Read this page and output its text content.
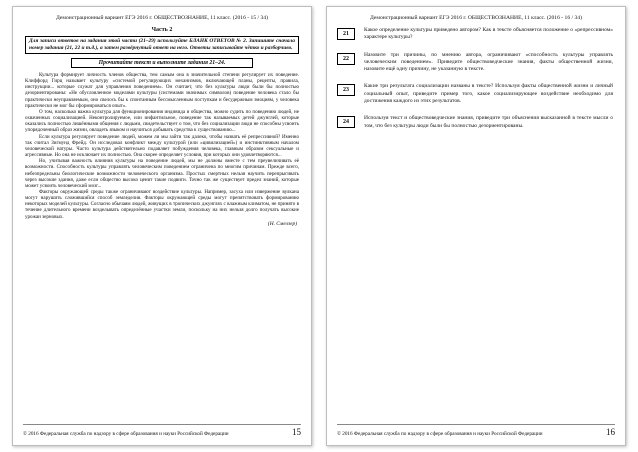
Демонстрационный вариант ЕГЭ 2016 г. ОБЩЕСТВОЗНАНИЕ, 11 класс. (2016 - 15 / 34)
Часть 2
Для записи ответов на задания этой части (21–29) используйте БЛАНК ОТВЕТОВ № 2. Запишите сначала номер задания (21, 22 и т.д.), а затем развёрнутый ответ на него. Ответы записывайте чётко и разборчиво.
Прочитайте текст и выполните задания 21–24.

Культура формирует личность членов общества, тем самым она в значительной степени регулирует их поведение. Клиффорд Гирц называет культуру «системой регулирующих механизмов, включающей планы, рецепты, правила, инструкции... которые служат для управления поведением». Он считает, что без культуры люди были бы полностью дезориентированы: «Не обусловленное моделями культуры (системами значимых символов) поведение человека стало бы практически неуправляемым, оно свелось бы к спонтанным бессмысленным поступкам и бесудержным эмоциям, у человека практически не мог бы сформироваться опыт».

О том, насколько важна культура для функционирования индивида и общества, можно судить по поведению людей, не охваченных социализацией. Неконтролируемое, или инфантильное, поведение так называемых детей джунглей, которые оказались полностью лишёнными общения с людьми, свидетельствует о том, что без социализации люди не способны усвоить упорядоченный образ жизни, овладеть языком и научиться добывать средства к существованию...

Если культура регулирует поведение людей, можем ли мы зайти так далеко, чтобы назвать её репрессивной? Именно так считал Зигмунд Фрейд. Он исследовал конфликт между культурой (или «цивилизацией») и инстинктивным началом человеческой натуры. Часто культура действительно подавляет побуждения человека, главным образом сексуальные и агрессивные. Но она не исключает их полностью. Она скорее определяет условия, при которых они удовлетворяются...

Но, учитывая важность влияния культуры на поведение людей, мы не должны вместе с тем преувеличивать её возможности. Способность культуры управлять человеческим поведением ограничена по многим причинам. Прежде всего, небезпредельны биологические возможности человеческого организма. Простых смертных нельзя научить перепрыгивать через высокие здания, даже если общество высоко ценит такие подвиги. Точно так же существует предел знаний, которые может усвоить человеческий мозг...

Факторы окружающей среды также ограничивают воздействие культуры. Например, засуха или извержение вулкана могут нарушить сложившийся способ земледелия. Факторы окружающей среды могут препятствовать формированию некоторых моделей культуры. Согласно обычаям людей, живущих в тропических джунглях с влажным климатом, не принято в течение длительного времени возделывать определённые участки земли, поскольку на них нельзя долго получать высокие урожаи зерновых.

(Н. Смелзер)
© 2016 Федеральная служба по надзору в сфере образования и науки Российской Федерации	15
Демонстрационный вариант ЕГЭ 2016 г. ОБЩЕСТВОЗНАНИЕ, 11 класс. (2016 - 16 / 34)
21
Какое определение культуры приведено автором? Как в тексте объясняется положение о «репрессивном» характере культуры?
22
Назовите три причины, по мнению автора, ограничивают «способность культуры управлять человеческим поведением». Приведите обществоведческие знания, факты общественной жизни, назовите ещё одну причину, не указанную в тексте.
23
Какие три результата социализации названы в тексте? Используя факты общественной жизни и личный социальный опыт, приведите пример того, какое социализирующее воздействие необходимо для достижения каждого из этих результатов.
24
Используя текст и обществоведческие знания, приведите три объяснения высказанной в тексте мысли о том, что без культуры люди были бы полностью дезориентированы.
© 2016 Федеральная служба по надзору в сфере образования и науки Российской Федерации	16
